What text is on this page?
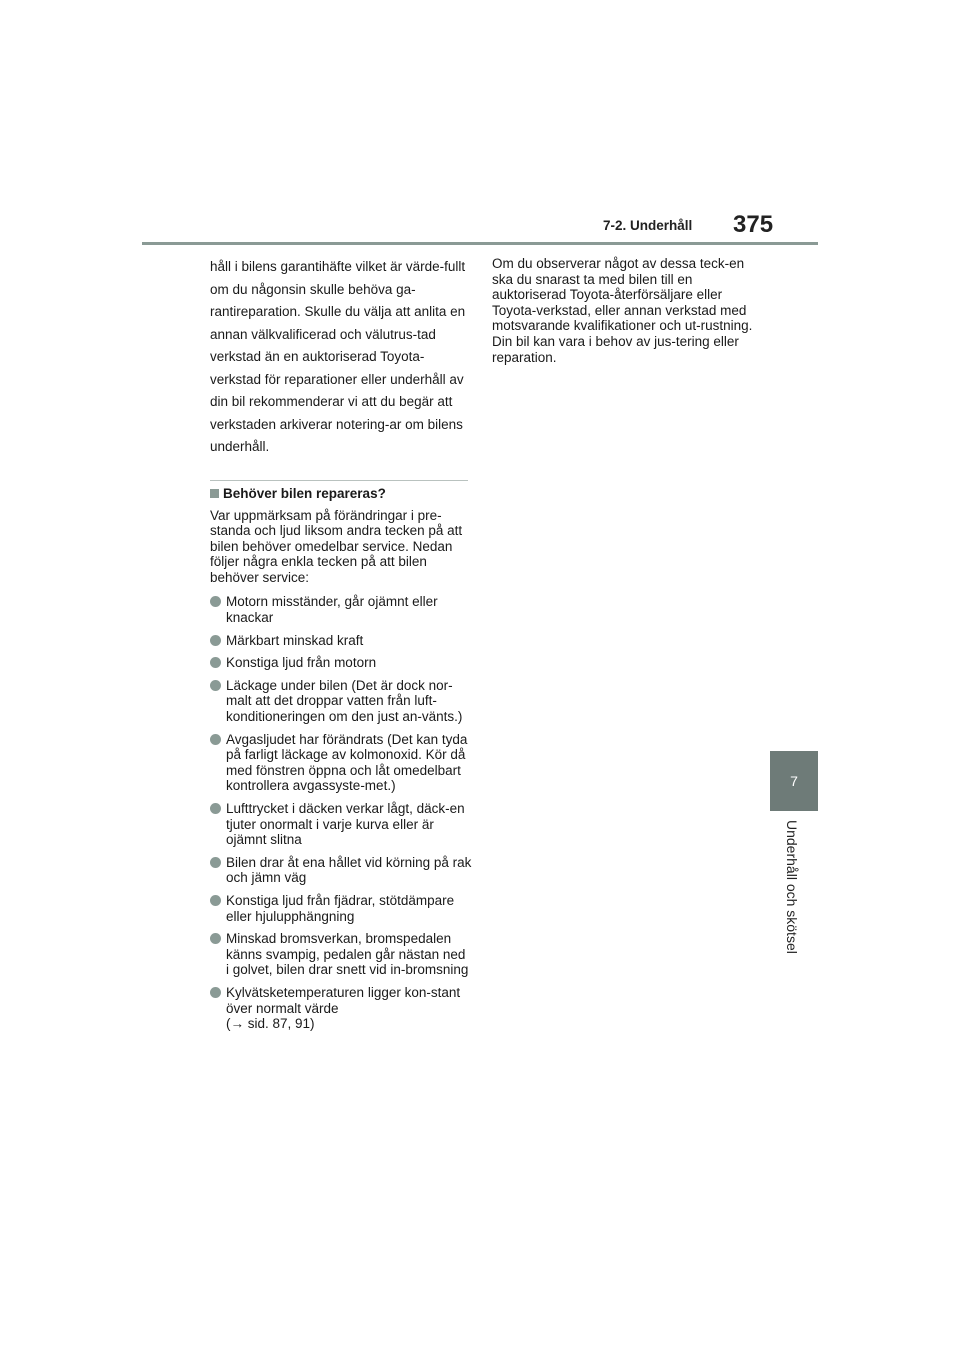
7-2. Underhåll 375
7
Underhåll och skötsel

håll i bilens garantihäfte vilket är värde-fullt om du någonsin skulle behöva ga-rantireparation. Skulle du välja att anlita en annan välkvalificerad och välutrus-tad verkstad än en auktoriserad Toyota-verkstad för reparationer eller underhåll av din bil rekommenderar vi att du begär att verkstaden arkiverar notering-ar om bilens underhåll.

Behöver bilen repareras?

Var uppmärksam på förändringar i pre-standa och ljud liksom andra tecken på att bilen behöver omedelbar service. Nedan följer några enkla tecken på att bilen behöver service:

Motorn misständer, går ojämnt eller knackar
Märkbart minskad kraft
Konstiga ljud från motorn
Läckage under bilen (Det är dock nor-malt att det droppar vatten från luft-konditioneringen om den just an-vänts.)
Avgasljudet har förändrats (Det kan tyda på farligt läckage av kolmonoxid. Kör då med fönstren öppna och låt omedelbart kontrollera avgassyste-met.)
Lufttrycket i däcken verkar lågt, däck-en tjuter onormalt i varje kurva eller är ojämnt slitna
Bilen drar åt ena hållet vid körning på rak och jämn väg
Konstiga ljud från fjädrar, stötdämpare eller hjulupphängning
Minskad bromsverkan, bromspedalen känns svampig, pedalen går nästan ned i golvet, bilen drar snett vid in-bromsning
Kylvätsketemperaturen ligger kon-stant över normalt värde
(→ sid. 87, 91)

Om du observerar något av dessa teck-en ska du snarast ta med bilen till en auktoriserad Toyota-återförsäljare eller Toyota-verkstad, eller annan verkstad med motsvarande kvalifikationer och ut-rustning. Din bil kan vara i behov av jus-tering eller reparation.
